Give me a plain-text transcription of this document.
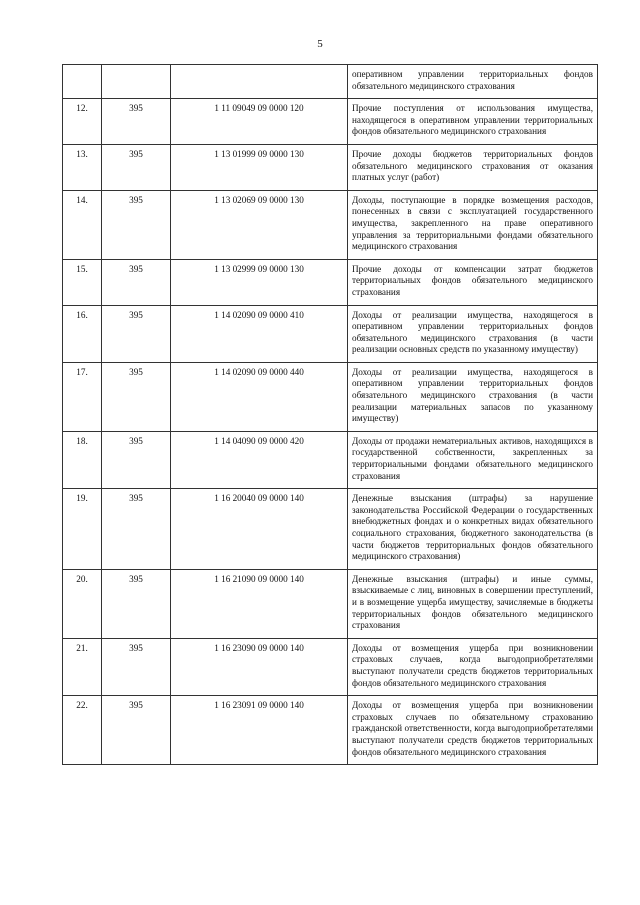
5
			оперативном управлении территориальных фондов обязательного медицинского страхования
12.	395	1 11 09049 09 0000 120	Прочие поступления от использования имущества, находящегося в оперативном управлении территориальных фондов обязательного медицинского страхования
13.	395	1 13 01999 09 0000 130	Прочие доходы бюджетов территориальных фондов обязательного медицинского страхования от оказания платных услуг (работ)
14.	395	1 13 02069 09 0000 130	Доходы, поступающие в порядке возмещения расходов, понесенных в связи с эксплуатацией государственного имущества, закрепленного на праве оперативного управления за территориальными фондами обязательного медицинского страхования
15.	395	1 13 02999 09 0000 130	Прочие доходы от компенсации затрат бюджетов территориальных фондов обязательного медицинского страхования
16.	395	1 14 02090 09 0000 410	Доходы от реализации имущества, находящегося в оперативном управлении территориальных фондов обязательного медицинского страхования (в части реализации основных средств по указанному имуществу)
17.	395	1 14 02090 09 0000 440	Доходы от реализации имущества, находящегося в оперативном управлении территориальных фондов обязательного медицинского страхования (в части реализации материальных запасов по указанному имуществу)
18.	395	1 14 04090 09 0000 420	Доходы от продажи нематериальных активов, находящихся в государственной собственности, закрепленных за территориальными фондами обязательного медицинского страхования
19.	395	1 16 20040 09 0000 140	Денежные взыскания (штрафы) за нарушение законодательства Российской Федерации о государственных внебюджетных фондах и о конкретных видах обязательного социального страхования, бюджетного законодательства (в части бюджетов территориальных фондов обязательного медицинского страхования)
20.	395	1 16 21090 09 0000 140	Денежные взыскания (штрафы) и иные суммы, взыскиваемые с лиц, виновных в совершении преступлений, и в возмещение ущерба имуществу, зачисляемые в бюджеты территориальных фондов обязательного медицинского страхования
21.	395	1 16 23090 09 0000 140	Доходы от возмещения ущерба при возникновении страховых случаев, когда выгодоприобретателями выступают получатели средств бюджетов территориальных фондов обязательного медицинского страхования
22.	395	1 16 23091 09 0000 140	Доходы от возмещения ущерба при возникновении страховых случаев по обязательному страхованию гражданской ответственности, когда выгодоприобретателями выступают получатели средств бюджетов территориальных фондов обязательного медицинского страхования
